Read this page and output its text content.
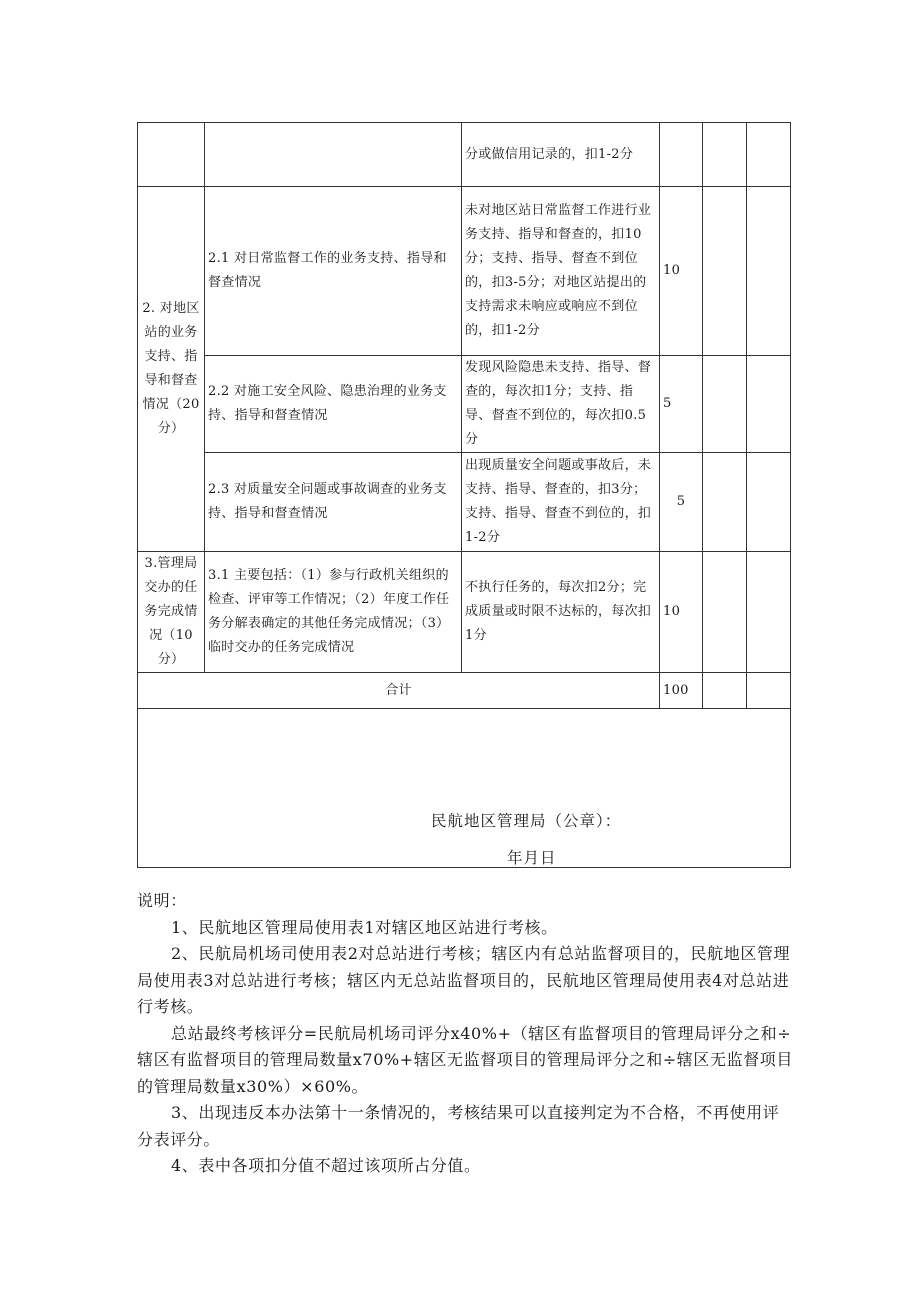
		分或做信用记录的，扣1-2分			
2. 对地区站的业务支持、指导和督查情况（20分）	2.1 对日常监督工作的业务支持、指导和督查情况	未对地区站日常监督工作进行业务支持、指导和督查的，扣10分；支持、指导、督查不到位的，扣3-5分；对地区站提出的支持需求未响应或响应不到位的，扣1-2分	10		
	2.2 对施工安全风险、隐患治理的业务支持、指导和督查情况	发现风险隐患未支持、指导、督查的，每次扣1分；支持、指导、督查不到位的，每次扣0.5分	5		
	2.3 对质量安全问题或事故调查的业务支持、指导和督查情况	出现质量安全问题或事故后，未支持、指导、督查的，扣3分；支持、指导、督查不到位的，扣1-2分	5		
3.管理局交办的任务完成情况（10分）	3.1 主要包括：（1）参与行政机关组织的检查、评审等工作情况；（2）年度工作任务分解表确定的其他任务完成情况；（3）临时交办的任务完成情况	不执行任务的，每次扣2分；完成质量或时限不达标的，每次扣1分	10		
合计			100		

民航地区管理局（公章）：
年月日					

说明：

1、民航地区管理局使用表1对辖区地区站进行考核。

2、民航局机场司使用表2对总站进行考核；辖区内有总站监督项目的，民航地区管理局使用表3对总站进行考核；辖区内无总站监督项目的，民航地区管理局使用表4对总站进行考核。

总站最终考核评分=民航局机场司评分x40%+（辖区有监督项目的管理局评分之和÷辖区有监督项目的管理局数量x70%+辖区无监督项目的管理局评分之和÷辖区无监督项目的管理局数量x30%）×60%。

3、出现违反本办法第十一条情况的，考核结果可以直接判定为不合格，不再使用评分表评分。

4、表中各项扣分值不超过该项所占分值。
